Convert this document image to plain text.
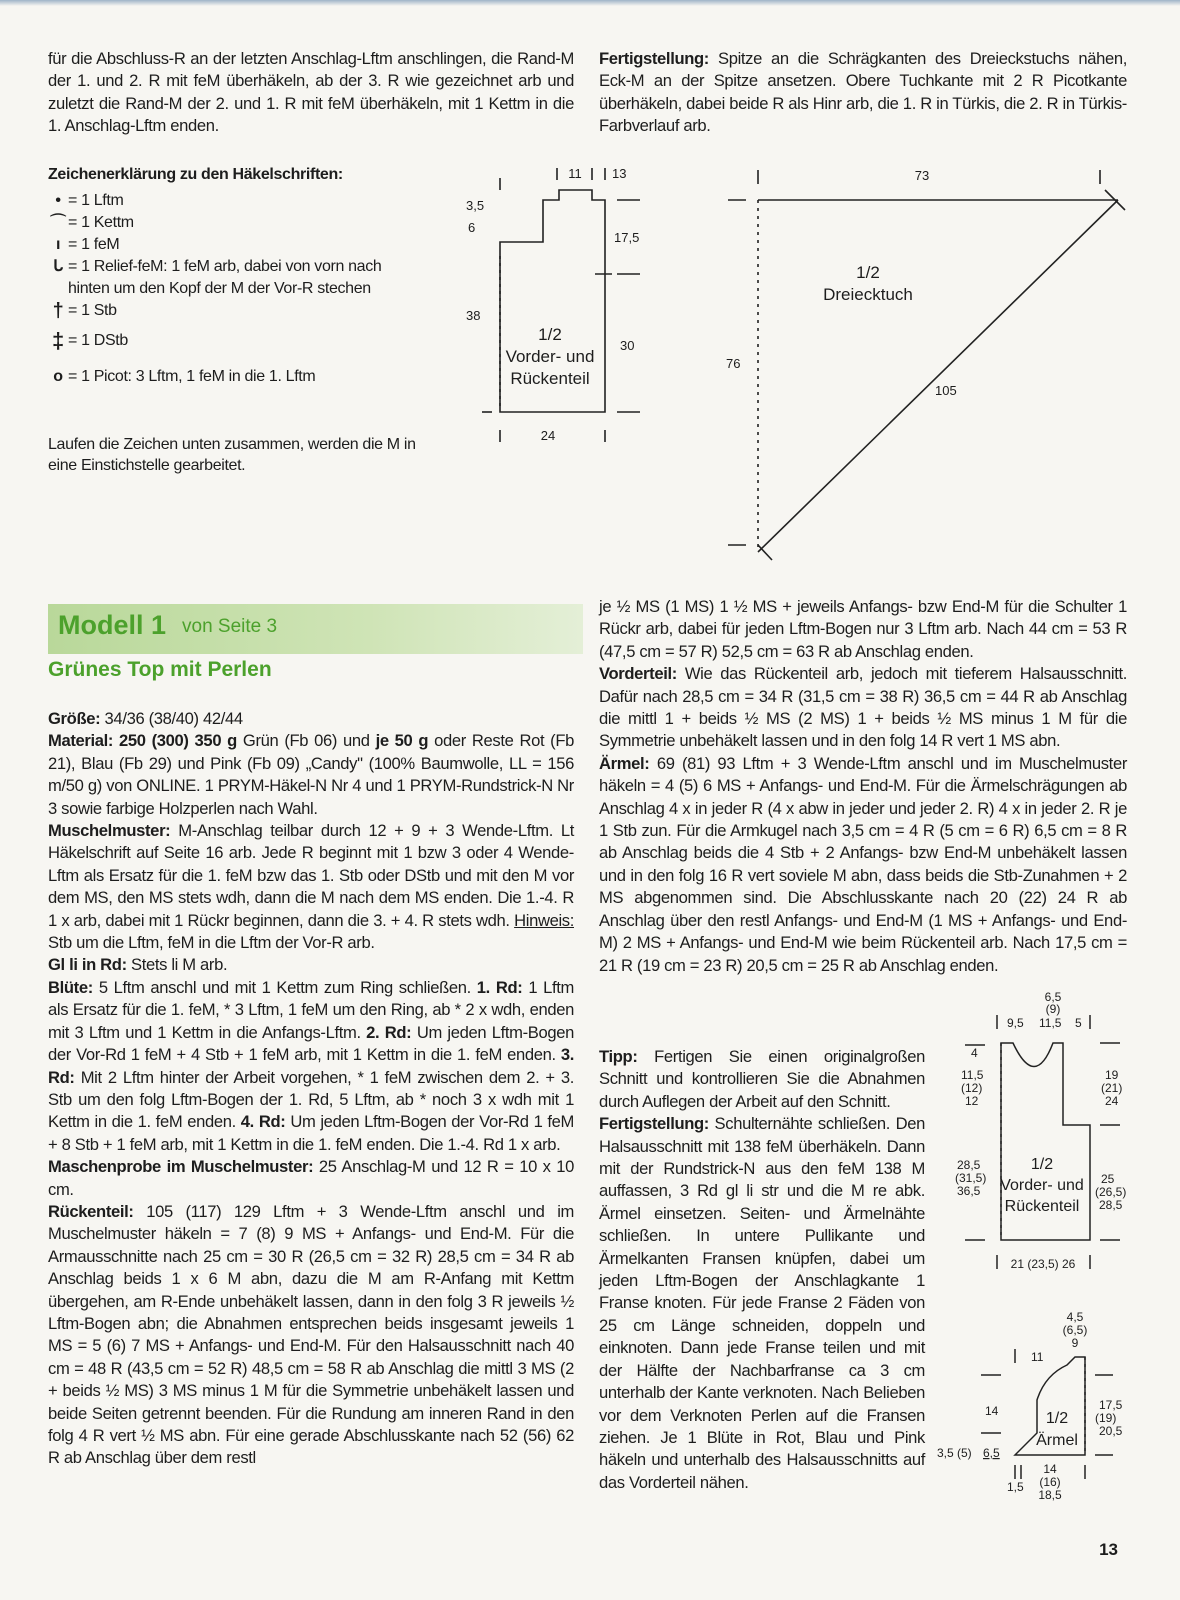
für die Abschluss-R an der letzten Anschlag-Lftm anschlingen, die Rand-M der 1. und 2. R mit feM überhäkeln, ab der 3. R wie gezeichnet arb und zuletzt die Rand-M der 2. und 1. R mit feM überhäkeln, mit 1 Kettm in die 1. Anschlag-Lftm enden.

Fertigstellung: Spitze an die Schrägkanten des Dreieckstuchs nähen, Eck-M an der Spitze ansetzen. Obere Tuchkante mit 2 R Picotkante überhäkeln, dabei beide R als Hinr arb, die 1. R in Türkis, die 2. R in Türkis-Farbverlauf arb.

Zeichenerklärung zu den Häkelschriften:
• = 1 Lftm
⌒ = 1 Kettm
ı = 1 feM
ᒐ = 1 Relief-feM: 1 feM arb, dabei von vorn nach hinten um den Kopf der M der Vor-R stechen
† = 1 Stb
‡ = 1 DStb
o = 1 Picot: 3 Lftm, 1 feM in die 1. Lftm
Laufen die Zeichen unten zusammen, werden die M in eine Einstichstelle gearbeitet.
11 13
3,5
6
17,5
38
30
24
1/2
Vorder- und
Rückenteil
73
76
105
1/2
Dreiecktuch
Modell 1 von Seite 3
Grünes Top mit Perlen

Größe: 34/36 (38/40) 42/44

Material: 250 (300) 350 g Grün (Fb 06) und je 50 g oder Reste Rot (Fb 21), Blau (Fb 29) und Pink (Fb 09) „Candy" (100% Baumwolle, LL = 156 m/50 g) von ONLINE. 1 PRYM-Häkel-N Nr 4 und 1 PRYM-Rundstrick-N Nr 3 sowie farbige Holzperlen nach Wahl.

Muschelmuster: M-Anschlag teilbar durch 12 + 9 + 3 Wende-Lftm. Lt Häkelschrift auf Seite 16 arb. Jede R beginnt mit 1 bzw 3 oder 4 Wende-Lftm als Ersatz für die 1. feM bzw das 1. Stb oder DStb und mit den M vor dem MS, den MS stets wdh, dann die M nach dem MS enden. Die 1.-4. R 1 x arb, dabei mit 1 Rückr beginnen, dann die 3. + 4. R stets wdh. Hinweis: Stb um die Lftm, feM in die Lftm der Vor-R arb.

Gl li in Rd: Stets li M arb.

Blüte: 5 Lftm anschl und mit 1 Kettm zum Ring schließen. 1. Rd: 1 Lftm als Ersatz für die 1. feM, * 3 Lftm, 1 feM um den Ring, ab * 2 x wdh, enden mit 3 Lftm und 1 Kettm in die Anfangs-Lftm. 2. Rd: Um jeden Lftm-Bogen der Vor-Rd 1 feM + 4 Stb + 1 feM arb, mit 1 Kettm in die 1. feM enden. 3. Rd: Mit 2 Lftm hinter der Arbeit vorgehen, * 1 feM zwischen dem 2. + 3. Stb um den folg Lftm-Bogen der 1. Rd, 5 Lftm, ab * noch 3 x wdh mit 1 Kettm in die 1. feM enden. 4. Rd: Um jeden Lftm-Bogen der Vor-Rd 1 feM + 8 Stb + 1 feM arb, mit 1 Kettm in die 1. feM enden. Die 1.-4. Rd 1 x arb.

Maschenprobe im Muschelmuster: 25 Anschlag-M und 12 R = 10 x 10 cm.

Rückenteil: 105 (117) 129 Lftm + 3 Wende-Lftm anschl und im Muschelmuster häkeln = 7 (8) 9 MS + Anfangs- und End-M. Für die Armausschnitte nach 25 cm = 30 R (26,5 cm = 32 R) 28,5 cm = 34 R ab Anschlag beids 1 x 6 M abn, dazu die M am R-Anfang mit Kettm übergehen, am R-Ende unbehäkelt lassen, dann in den folg 3 R jeweils ½ Lftm-Bogen abn; die Abnahmen entsprechen beids insgesamt jeweils 1 MS = 5 (6) 7 MS + Anfangs- und End-M. Für den Halsausschnitt nach 40 cm = 48 R (43,5 cm = 52 R) 48,5 cm = 58 R ab Anschlag die mittl 3 MS (2 + beids ½ MS) 3 MS minus 1 M für die Symmetrie unbehäkelt lassen und beide Seiten getrennt beenden. Für die Rundung am inneren Rand in den folg 4 R vert ½ MS abn. Für eine gerade Abschlusskante nach 52 (56) 62 R ab Anschlag über dem restl

je ½ MS (1 MS) 1 ½ MS + jeweils Anfangs- bzw End-M für die Schulter 1 Rückr arb, dabei für jeden Lftm-Bogen nur 3 Lftm arb. Nach 44 cm = 53 R (47,5 cm = 57 R) 52,5 cm = 63 R ab Anschlag enden.

Vorderteil: Wie das Rückenteil arb, jedoch mit tieferem Halsausschnitt. Dafür nach 28,5 cm = 34 R (31,5 cm = 38 R) 36,5 cm = 44 R ab Anschlag die mittl 1 + beids ½ MS (2 MS) 1 + beids ½ MS minus 1 M für die Symmetrie unbehäkelt lassen und in den folg 14 R vert 1 MS abn.

Ärmel: 69 (81) 93 Lftm + 3 Wende-Lftm anschl und im Muschelmuster häkeln = 4 (5) 6 MS + Anfangs- und End-M. Für die Ärmelschrägungen ab Anschlag 4 x in jeder R (4 x abw in jeder und jeder 2. R) 4 x in jeder 2. R je 1 Stb zun. Für die Armkugel nach 3,5 cm = 4 R (5 cm = 6 R) 6,5 cm = 8 R ab Anschlag beids die 4 Stb + 2 Anfangs- bzw End-M unbehäkelt lassen und in den folg 16 R vert soviele M abn, dass beids die Stb-Zunahmen + 2 MS abgenommen sind. Die Abschlusskante nach 20 (22) 24 R ab Anschlag über den restl Anfangs- und End-M (1 MS + Anfangs- und End-M) 2 MS + Anfangs- und End-M wie beim Rückenteil arb. Nach 17,5 cm = 21 R (19 cm = 23 R) 20,5 cm = 25 R ab Anschlag enden.

Tipp: Fertigen Sie einen originalgroßen Schnitt und kontrollieren Sie die Abnahmen durch Auflegen der Arbeit auf den Schnitt.

Fertigstellung: Schulternähte schließen. Den Halsausschnitt mit 138 feM überhäkeln. Dann mit der Rundstrick-N aus den feM 138 M auffassen, 3 Rd gl li str und die M re abk. Ärmel einsetzen. Seiten- und Ärmelnähte schließen. In untere Pullikante und Ärmelkanten Fransen knüpfen, dabei um jeden Lftm-Bogen der Anschlagkante 1 Franse knoten. Für jede Franse 2 Fäden von 25 cm Länge schneiden, doppeln und einknoten. Dann jede Franse teilen und mit der Hälfte der Nachbarfranse ca 3 cm unterhalb der Kante verknoten. Nach Belieben vor dem Verknoten Perlen auf die Fransen ziehen. Je 1 Blüte in Rot, Blau und Pink häkeln und unterhalb des Halsausschnitts auf das Vorderteil nähen.

6,5
(9)
9,5 11,5 5
4
11,5
(12)
12
19
(21)
24
28,5
(31,5)
36,5
25
(26,5)
28,5
21 (23,5) 26
1/2
Vorder- und
Rückenteil
4,5
(6,5)
9
11
14	17,5
(19)
20,5
3,5 (5) 6,5
14
(16)
18,5
1,5
1/2
Ärmel
13
